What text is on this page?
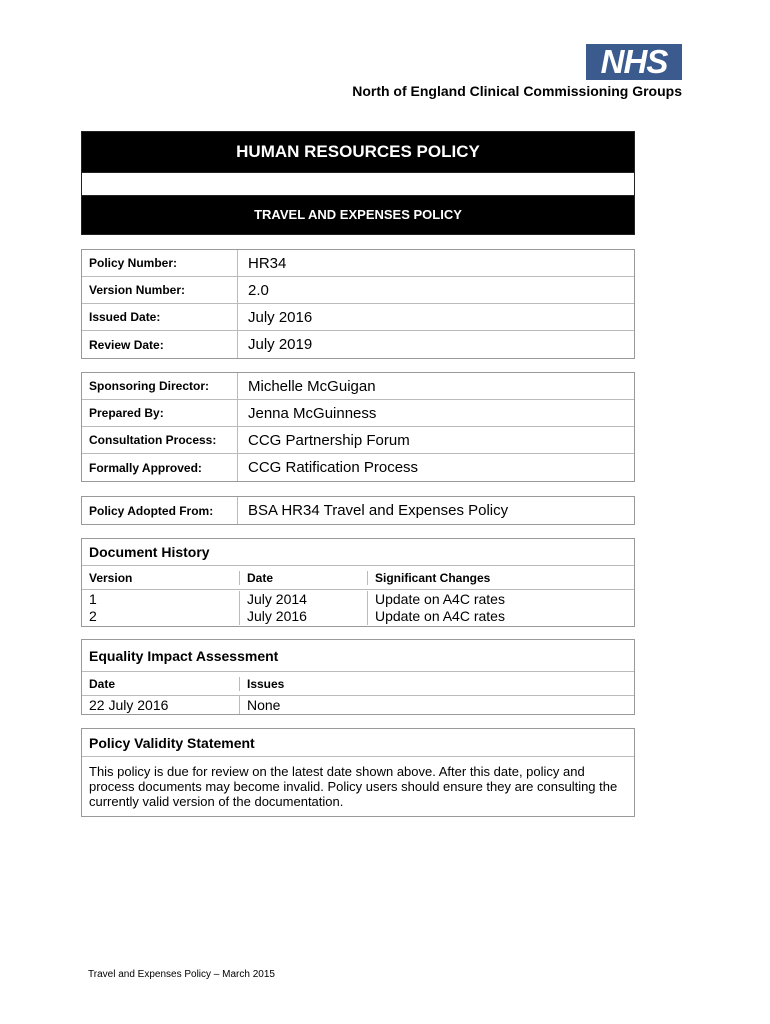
NHS
North of England Clinical Commissioning Groups
HUMAN RESOURCES POLICY
TRAVEL AND EXPENSES POLICY
Policy Number:	HR34
Version Number:	2.0
Issued Date:	July 2016
Review Date:	July 2019
Sponsoring Director:	Michelle McGuigan
Prepared By:	Jenna McGuinness
Consultation Process:	CCG Partnership Forum
Formally Approved:	CCG Ratification Process
Policy Adopted From:	BSA HR34 Travel and Expenses Policy
Document History
Version	Date	Significant Changes
1	July 2014	Update on A4C rates
2	July 2016	Update on A4C rates
Equality Impact Assessment
Date	Issues
22 July 2016	None
Policy Validity Statement
This policy is due for review on the latest date shown above. After this date, policy and process documents may become invalid. Policy users should ensure they are consulting the currently valid version of the documentation.
Travel and Expenses Policy – March 2015
